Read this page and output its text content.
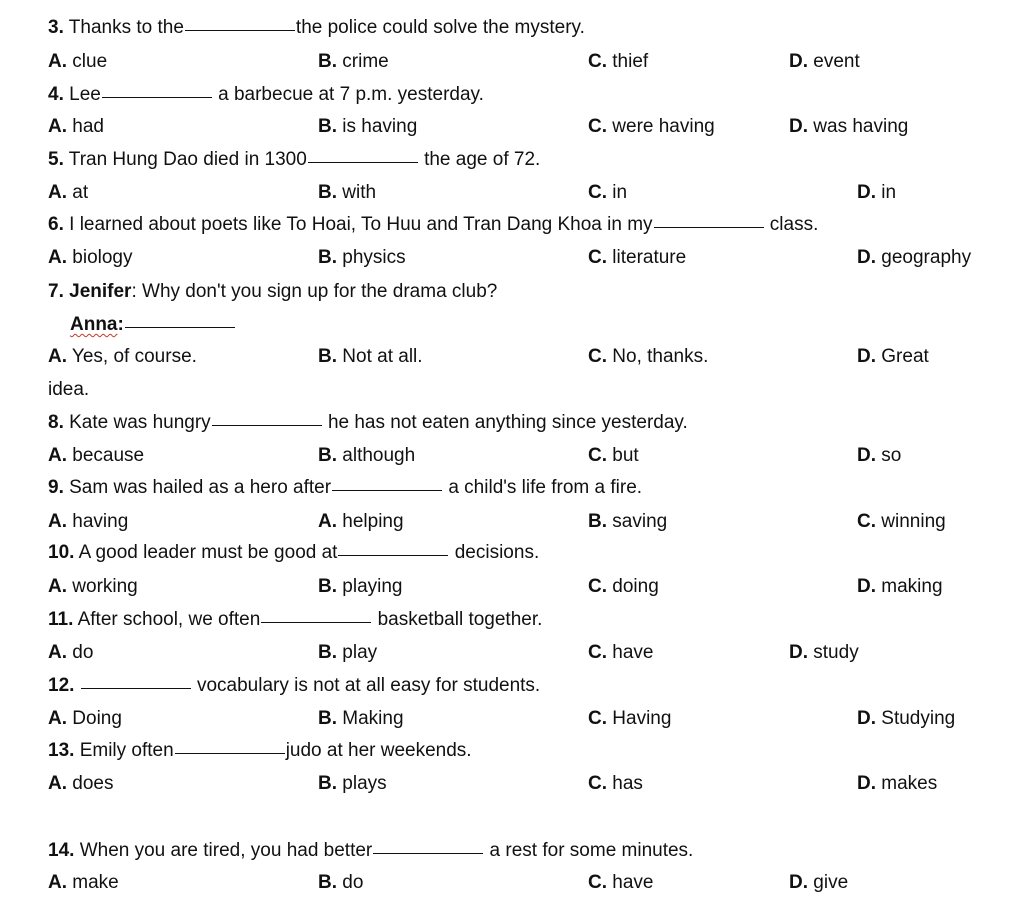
3. Thanks to the	the police could solve the mystery.
A. clue	B. crime	C. thief	D. event
4. Lee	a barbecue at 7 p.m. yesterday.
A. had	B. is having	C. were having	D. was having
5. Tran Hung Dao died in 1300	the age of 72.
A. at	B. with	C. in	D. in
6. I learned about poets like To Hoai, To Huu and Tran Dang Khoa in my	class.
A. biology	B. physics	C. literature	D. geography
7. Jenifer: Why don't you sign up for the drama club?
Anna:
A. Yes, of course.	B. Not at all.	C. No, thanks.	D. Great
idea.
8. Kate was hungry	he has not eaten anything since yesterday.
A. because	B. although	C. but	D. so
9. Sam was hailed as a hero after	a child's life from a fire.
A. having	A. helping	B. saving	C. winning
10. A good leader must be good at	decisions.
A. working	B. playing	C. doing	D. making
11. After school, we often	basketball together.
A. do	B. play	C. have	D. study
12.	vocabulary is not at all easy for students.
A. Doing	B. Making	C. Having	D. Studying
13. Emily often	judo at her weekends.
A. does	B. plays	C. has	D. makes
14. When you are tired, you had better	a rest for some minutes.
A. make	B. do	C. have	D. give
